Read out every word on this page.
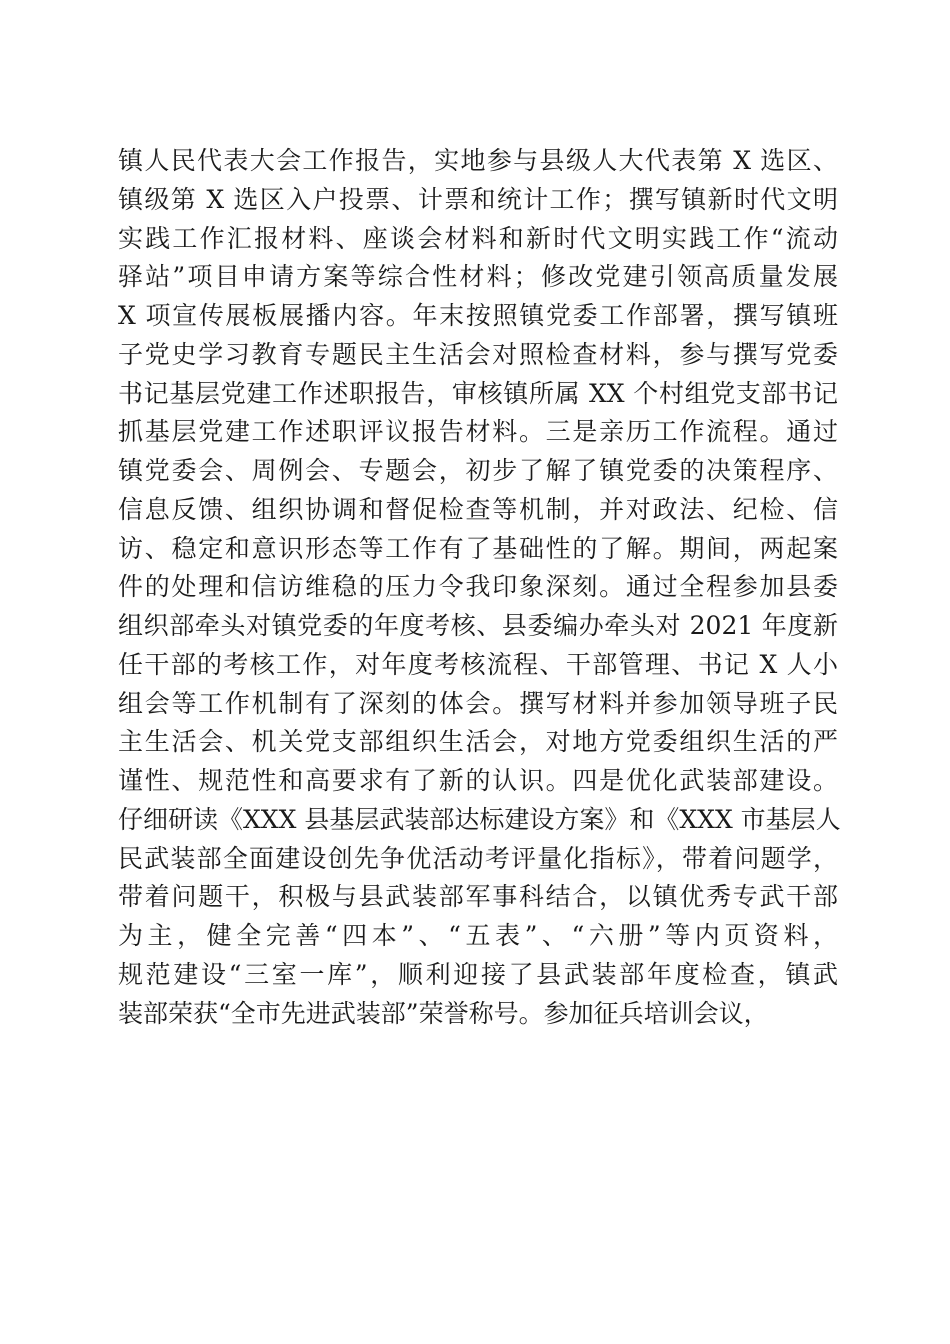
镇人民代表大会工作报告，实地参与县级人大代表第 X 选区、
镇级第 X 选区入户投票、计票和统计工作；撰写镇新时代文明
实践工作汇报材料、座谈会材料和新时代文明实践工作“流动
驿站”项目申请方案等综合性材料；修改党建引领高质量发展
X 项宣传展板展播内容。年末按照镇党委工作部署，撰写镇班
子党史学习教育专题民主生活会对照检查材料，参与撰写党委
书记基层党建工作述职报告，审核镇所属 XX 个村组党支部书记
抓基层党建工作述职评议报告材料。三是亲历工作流程。通过
镇党委会、周例会、专题会，初步了解了镇党委的决策程序、
信息反馈、组织协调和督促检查等机制，并对政法、纪检、信
访、稳定和意识形态等工作有了基础性的了解。期间，两起案
件的处理和信访维稳的压力令我印象深刻。通过全程参加县委
组织部牵头对镇党委的年度考核、县委编办牵头对 2021 年度新
任干部的考核工作，对年度考核流程、干部管理、书记 X 人小
组会等工作机制有了深刻的体会。撰写材料并参加领导班子民
主生活会、机关党支部组织生活会，对地方党委组织生活的严
谨性、规范性和高要求有了新的认识。四是优化武装部建设。
仔细研读《XXX 县基层武装部达标建设方案》和《XXX 市基层人
民武装部全面建设创先争优活动考评量化指标》，带着问题学，
带着问题干，积极与县武装部军事科结合，以镇优秀专武干部
为主，健全完善“四本”、“五表”、“六册”等内页资料，
规范建设“三室一库”，顺利迎接了县武装部年度检查，镇武
装部荣获“全市先进武装部”荣誉称号。参加征兵培训会议，
